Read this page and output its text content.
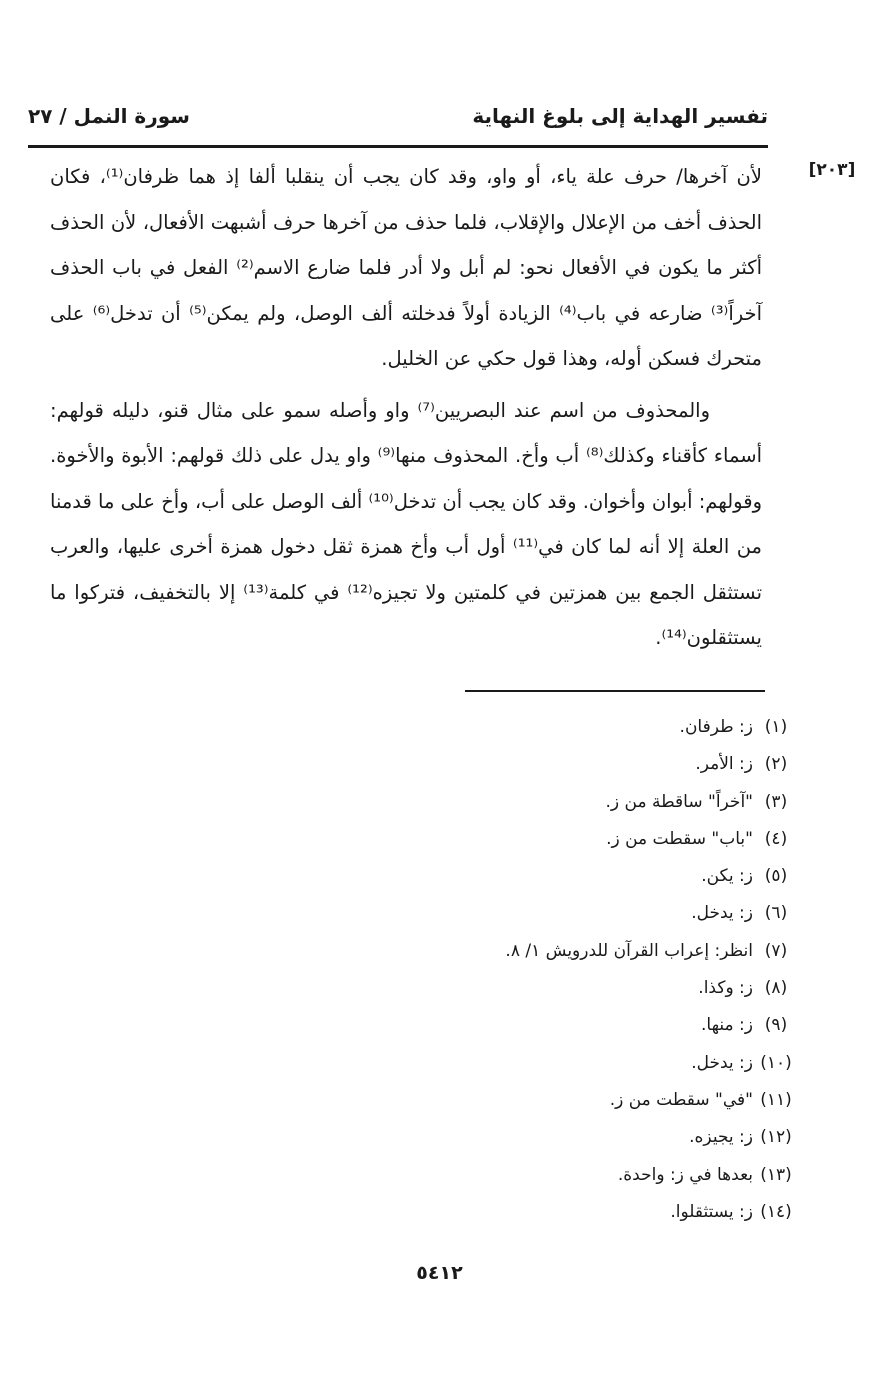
تفسير الهداية إلى بلوغ النهاية
سورة النمل / ٢٧
[٢٠٣]

لأن آخرها/ حرف علة ياء، أو واو، وقد كان يجب أن ينقلبا ألفا إذ هما ظرفان⁽¹⁾، فكان الحذف أخف من الإعلال والإقلاب، فلما حذف من آخرها حرف أشبهت الأفعال، لأن الحذف أكثر ما يكون في الأفعال نحو: لم أبل ولا أدر فلما ضارع الاسم⁽²⁾ الفعل في باب الحذف آخراً⁽³⁾ ضارعه في باب⁽⁴⁾ الزيادة أولاً فدخلته ألف الوصل، ولم يمكن⁽⁵⁾ أن تدخل⁽⁶⁾ على متحرك فسكن أوله، وهذا قول حكي عن الخليل.

والمحذوف من اسم عند البصريين⁽⁷⁾ واو وأصله سمو على مثال قنو، دليله قولهم: أسماء كأقناء وكذلك⁽⁸⁾ أب وأخ. المحذوف منها⁽⁹⁾ واو يدل على ذلك قولهم: الأبوة والأخوة. وقولهم: أبوان وأخوان. وقد كان يجب أن تدخل⁽¹⁰⁾ ألف الوصل على أب، وأخ على ما قدمنا من العلة إلا أنه لما كان في⁽¹¹⁾ أول أب وأخ همزة ثقل دخول همزة أخرى عليها، والعرب تستثقل الجمع بين همزتين في كلمتين ولا تجيزه⁽¹²⁾ في كلمة⁽¹³⁾ إلا بالتخفيف، فتركوا ما يستثقلون⁽¹⁴⁾.

(١)
ز: طرفان.
(٢)
ز: الأمر.
(٣)
"آخراً" ساقطة من ز.
(٤)
"باب" سقطت من ز.
(٥)
ز: يكن.
(٦)
ز: يدخل.
(٧)
انظر: إعراب القرآن للدرويش ١/ ٨.
(٨)
ز: وكذا.
(٩)
ز: منها.
(١٠)
ز: يدخل.
(١١)
"في" سقطت من ز.
(١٢)
ز: يجيزه.
(١٣)
بعدها في ز: واحدة.
(١٤)
ز: يستثقلوا.
٥٤١٢
